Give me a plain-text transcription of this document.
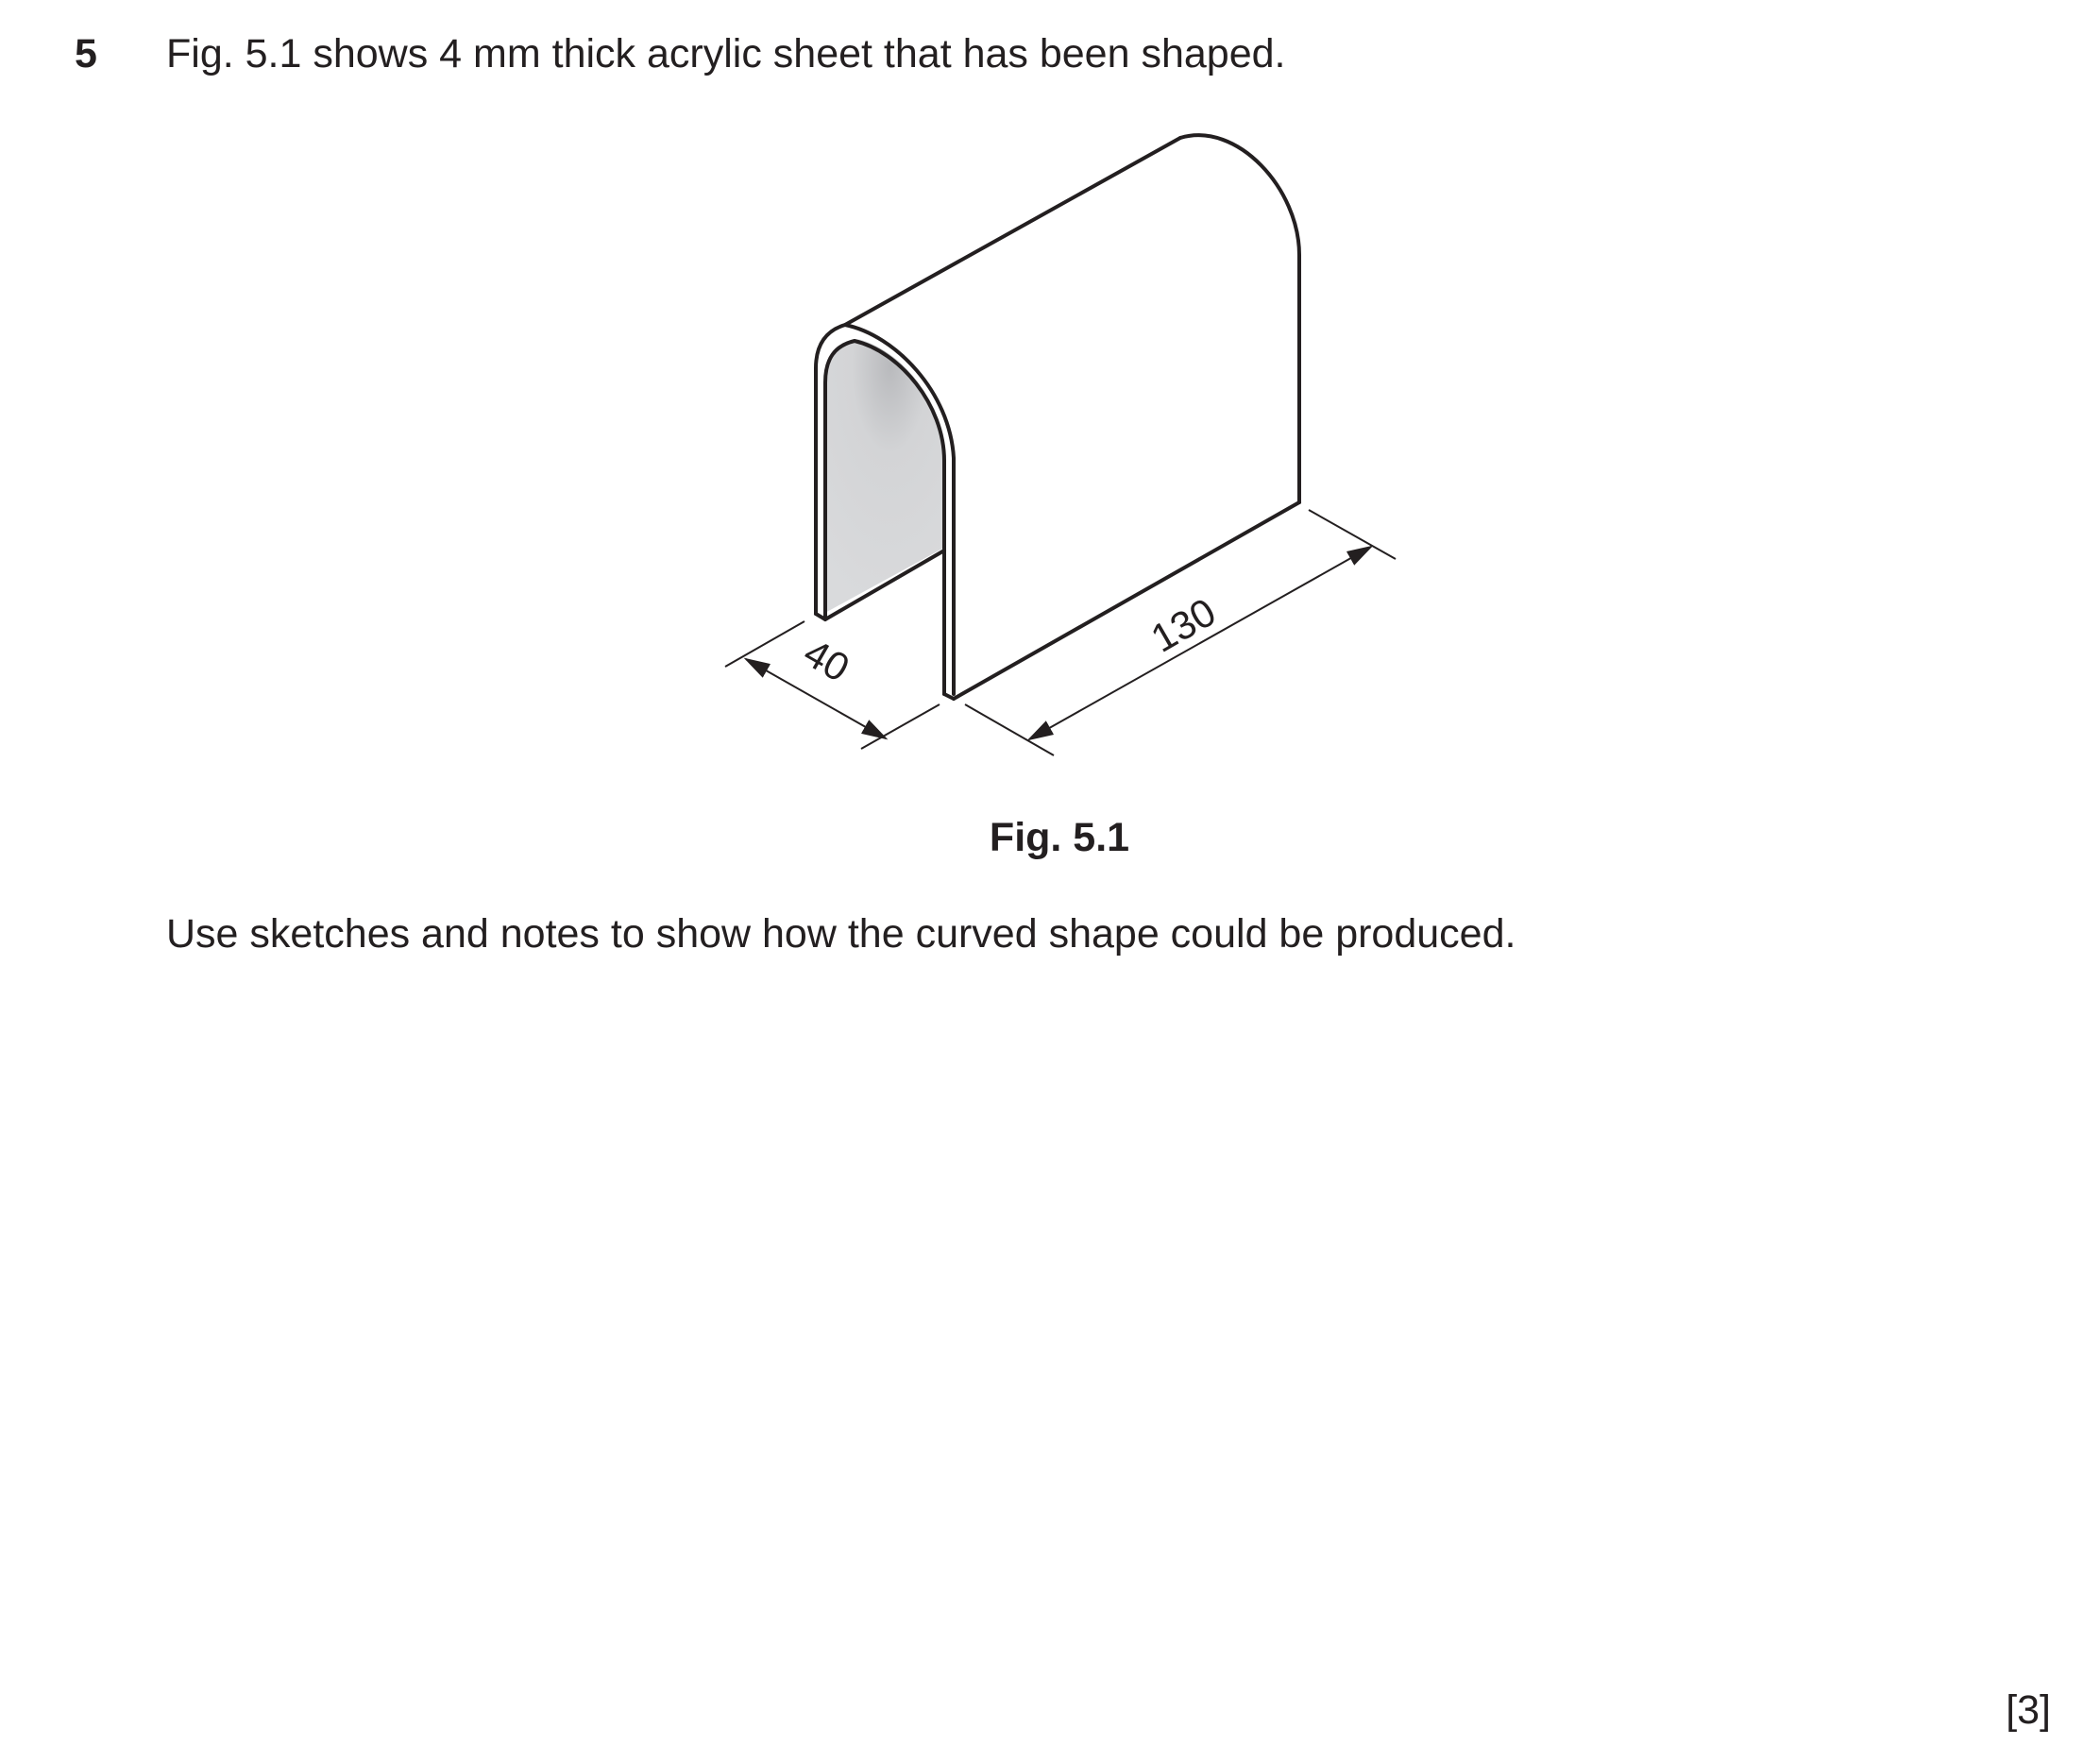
5 Fig. 5.1 shows 4 mm thick acrylic sheet that has been shaped.
40	130
Fig. 5.1
Use sketches and notes to show how the curved shape could be produced.
[3]
